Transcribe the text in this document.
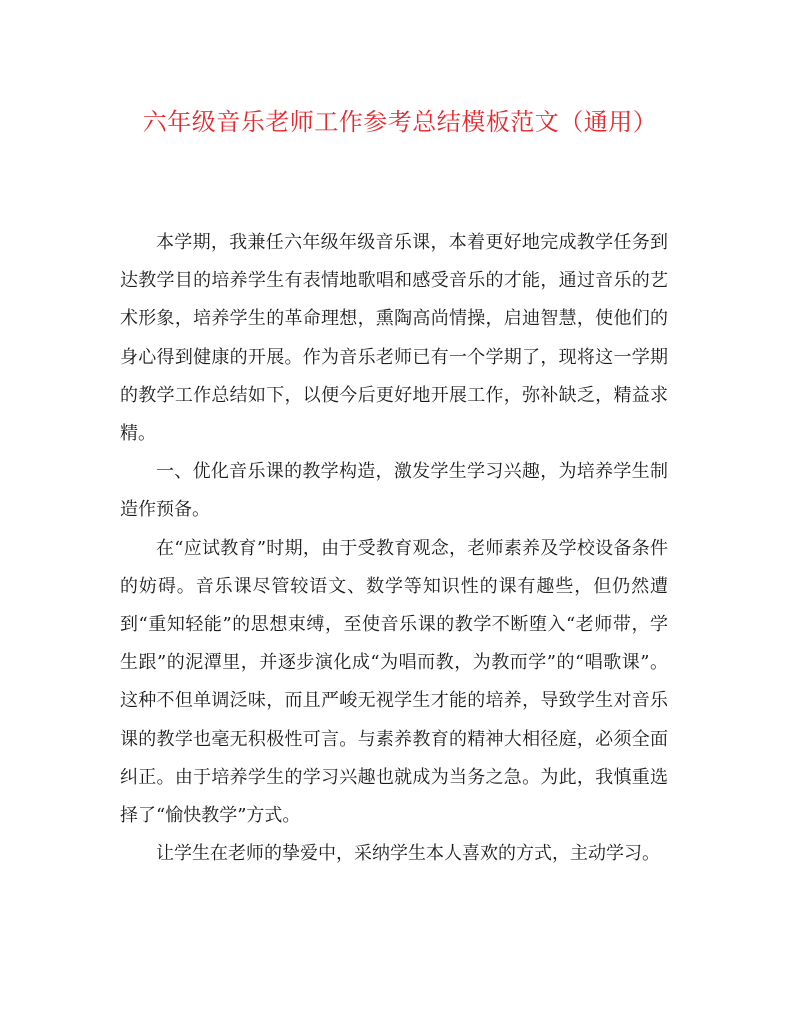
六年级音乐老师工作参考总结模板范文（通用）

本学期，我兼任六年级年级音乐课，本着更好地完成教学任务到达教学目的培养学生有表情地歌唱和感受音乐的才能，通过音乐的艺术形象，培养学生的革命理想，熏陶高尚情操，启迪智慧，使他们的身心得到健康的开展。作为音乐老师已有一个学期了，现将这一学期的教学工作总结如下，以便今后更好地开展工作，弥补缺乏，精益求精。

一、优化音乐课的教学构造，激发学生学习兴趣，为培养学生制造作预备。

在“应试教育”时期，由于受教育观念，老师素养及学校设备条件的妨碍。音乐课尽管较语文、数学等知识性的课有趣些，但仍然遭到“重知轻能”的思想束缚，至使音乐课的教学不断堕入“老师带，学生跟”的泥潭里，并逐步演化成“为唱而教，为教而学”的“唱歌课”。这种不但单调泛味，而且严峻无视学生才能的培养，导致学生对音乐课的教学也毫无积极性可言。与素养教育的精神大相径庭，必须全面纠正。由于培养学生的学习兴趣也就成为当务之急。为此，我慎重选择了“愉快教学”方式。

让学生在老师的挚爱中，采纳学生本人喜欢的方式，主动学习。
